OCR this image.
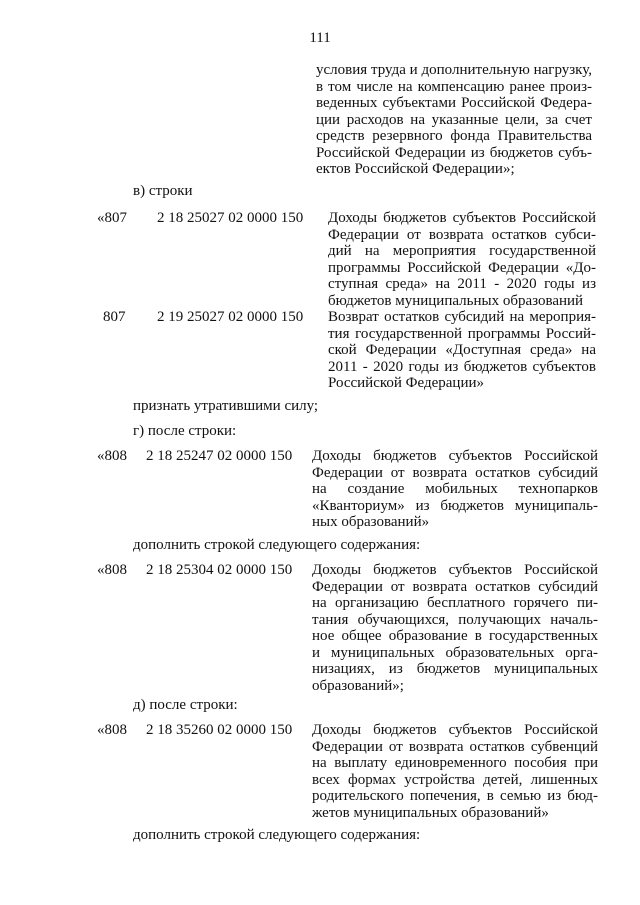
111
условия труда и дополнительную нагрузку,
в том числе на компенсацию ранее произ-
веденных субъектами Российской Федера-
ции расходов на указанные цели, за счет
средств резервного фонда Правительства
Российской Федерации из бюджетов субъ-
ектов Российской Федерации»;
в) строки
«807 2 18 25027 02 0000 150 Доходы бюджетов субъектов Российской
Федерации от возврата остатков субси-
дий на мероприятия государственной
программы Российской Федерации «До-
ступная среда» на 2011 - 2020 годы из
бюджетов муниципальных образований
807 2 19 25027 02 0000 150 Возврат остатков субсидий на мероприя-
тия государственной программы Россий-
ской Федерации «Доступная среда» на
2011 - 2020 годы из бюджетов субъектов
Российской Федерации»
признать утратившими силу;
г) после строки:
«808 2 18 25247 02 0000 150 Доходы бюджетов субъектов Российской
Федерации от возврата остатков субсидий
на создание мобильных технопарков
«Кванториум» из бюджетов муниципаль-
ных образований»
дополнить строкой следующего содержания:
«808 2 18 25304 02 0000 150 Доходы бюджетов субъектов Российской
Федерации от возврата остатков субсидий
на организацию бесплатного горячего пи-
тания обучающихся, получающих началь-
ное общее образование в государственных
и муниципальных образовательных орга-
низациях, из бюджетов муниципальных
образований»;
д) после строки:
«808 2 18 35260 02 0000 150 Доходы бюджетов субъектов Российской
Федерации от возврата остатков субвенций
на выплату единовременного пособия при
всех формах устройства детей, лишенных
родительского попечения, в семью из бюд-
жетов муниципальных образований»
дополнить строкой следующего содержания:
